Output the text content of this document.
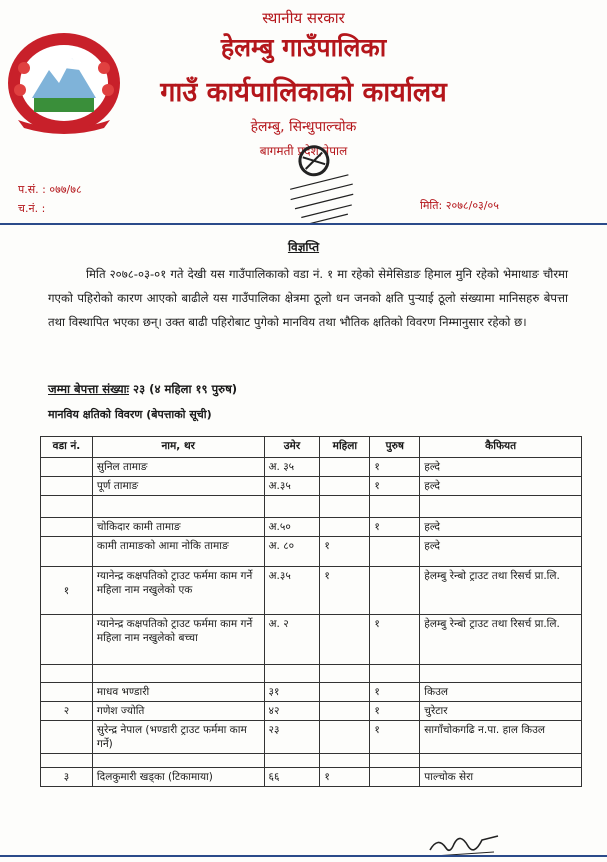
स्थानीय सरकार
हेलम्बु गाउँपालिका
गाउँ कार्यपालिकाको कार्यालय
हेलम्बु, सिन्धुपाल्चोक
बागमती प्रदेश,नेपाल
प.सं. : ०७७/७८
च.नं. :	मिति: २०७८/०३/०५
विज्ञप्ति
मिति २०७८-०३-०१ गते देखी यस गाउँपालिकाको वडा नं. १ मा रहेको सेमेसिडाङ हिमाल मुनि रहेको भेमाथाङ चौरमा गएको पहिरोको कारण आएको बाढीले यस गाउँपालिका क्षेत्रमा ठूलो धन जनको क्षति पुऱ्याई ठूलो संख्यामा मानिसहरु बेपत्ता तथा विस्थापित भएका छन्। उक्त बाढी पहिरोबाट पुगेको मानविय तथा भौतिक क्षतिको विवरण निम्मानुसार रहेको छ।
जम्मा बेपत्ता संख्याः २३ (४ महिला १९ पुरुष)
मानविय क्षतिको विवरण (बेपत्ताको सूची)
वडा नं.	नाम, थर	उमेर	महिला	पुरुष	कैफियत
	सुनिल तामाङ	अ. ३५		१	हल्दे
	पूर्ण तामाङ	अ.३५		१	हल्दे

	चोकिदार कामी तामाङ	अ.५०		१	हल्दे
	कामी तामाङको आमा नोकि तामाङ	अ. ८०	१		हल्दे
१	ग्यानेन्द्र कक्षपतिको ट्राउट फर्ममा काम गर्ने महिला नाम नखुलेको एक	अ.३५	१		हेलम्बु रेन्बो ट्राउट तथा रिसर्च प्रा.लि.
	ग्यानेन्द्र कक्षपतिको ट्राउट फर्ममा काम गर्ने महिला नाम नखुलेको बच्चा	अ. २		१	हेलम्बु रेन्बो ट्राउट तथा रिसर्च प्रा.लि.

	माधव भण्डारी	३१		१	किउल
२	गणेश ज्योति	४२		१	चुरेटार
	सुरेन्द्र नेपाल (भण्डारी ट्राउट फर्ममा काम गर्ने)	२३		१	सागाँचोकगढि न.पा. हाल किउल

३	दिलकुमारी खड्का (टिकामाया)	६६	१		पाल्चोक सेरा
